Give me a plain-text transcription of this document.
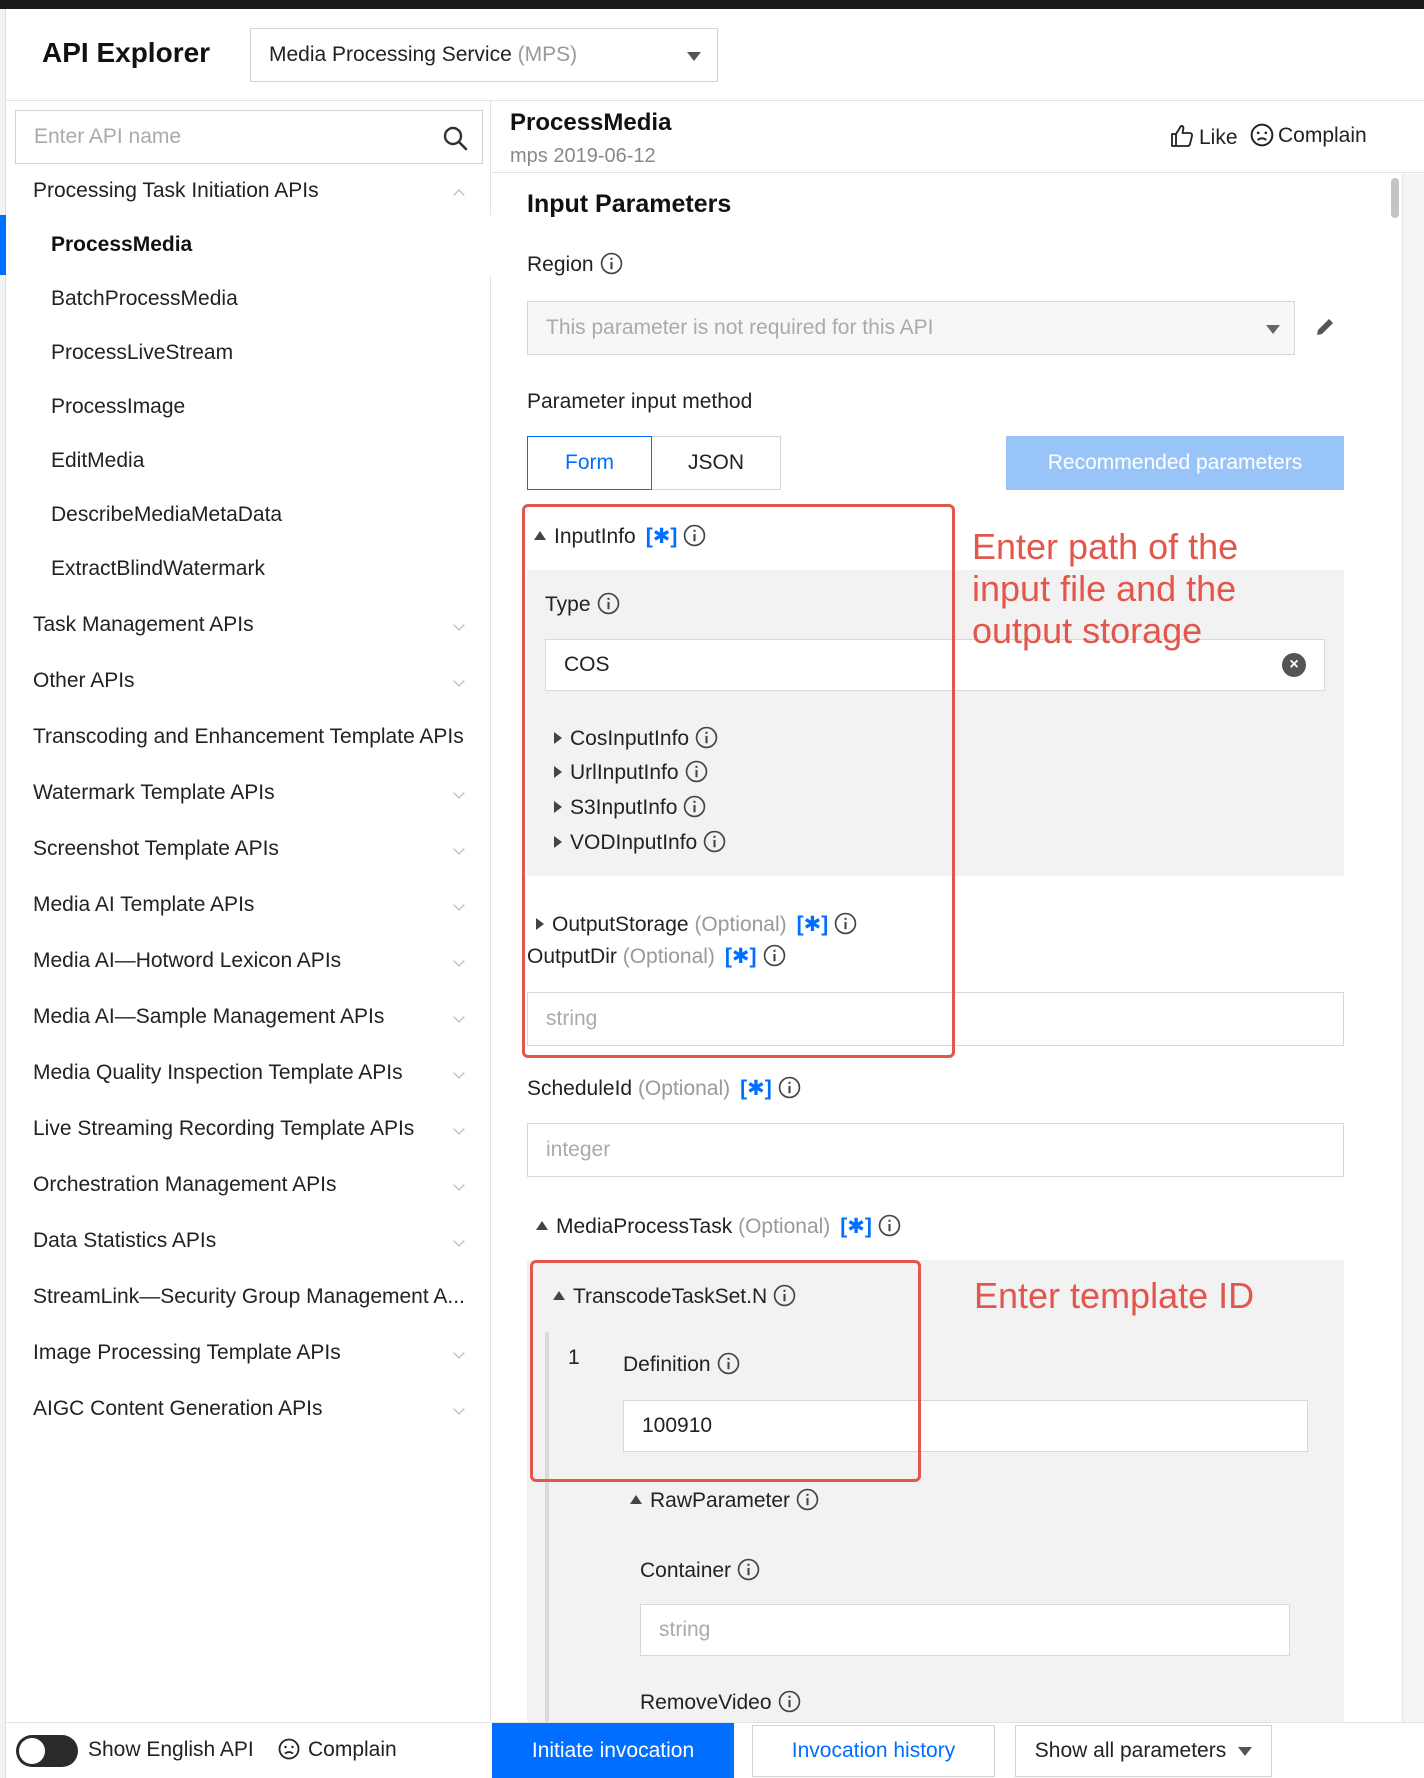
API Explorer	Media Processing Service (MPS)
Enter API name
Processing Task Initiation APIs
ProcessMedia
BatchProcessMedia
ProcessLiveStream
ProcessImage
EditMedia
DescribeMediaMetaData
ExtractBlindWatermark
Task Management APIs
Other APIs
Transcoding and Enhancement Template APIs
Watermark Template APIs
Screenshot Template APIs
Media AI Template APIs
Media AI—Hotword Lexicon APIs
Media AI—Sample Management APIs
Media Quality Inspection Template APIs
Live Streaming Recording Template APIs
Orchestration Management APIs
Data Statistics APIs
StreamLink—Security Group Management A...
Image Processing Template APIs
AIGC Content Generation APIs
Show English API	Complain
ProcessMedia
mps 2019-06-12
Like	Complain
Input Parameters
Region
This parameter is not required for this API
Parameter input method
Form	JSON	Recommended parameters
InputInfo [✱]
Type
COS	×
CosInputInfo
UrlInputInfo
S3InputInfo
VODInputInfo
OutputStorage (Optional) [✱]
OutputDir (Optional) [✱]
string
ScheduleId (Optional) [✱]
integer
MediaProcessTask (Optional) [✱]
TranscodeTaskSet.N
1 Definition
100910
RawParameter
Container
string
RemoveVideo
Enter path of the input file and the output storage
Enter template ID
Initiate invocation	Invocation history	Show all parameters
